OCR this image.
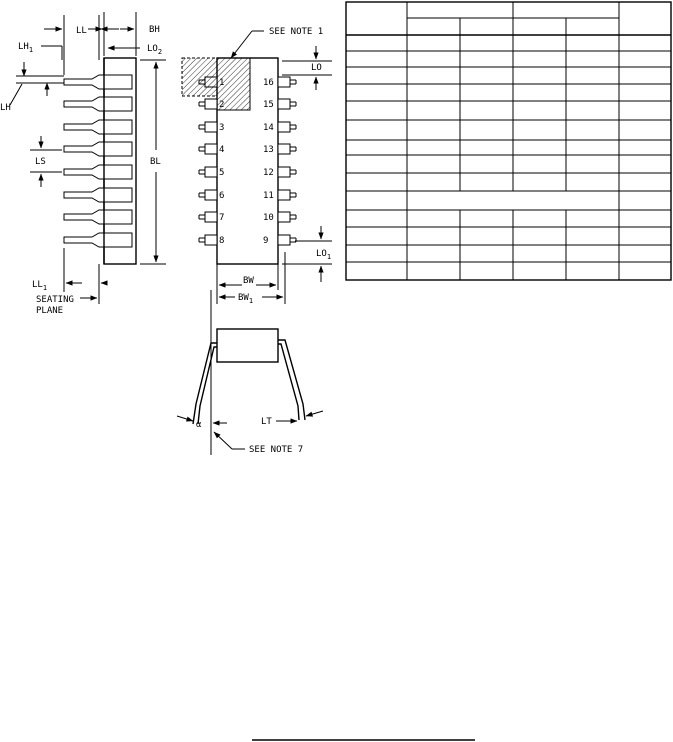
LL	BH
$LH_1$	$LO_2$
LH
LS	BL
$LL_1$
SEATING
PLANE
16
15
3	14
4	13
5	12
6	11
7	10
8	9
SEE NOTE 1
LO
$LO_1$
BW
$BW_1$
α	LT
SEE NOTE 7
